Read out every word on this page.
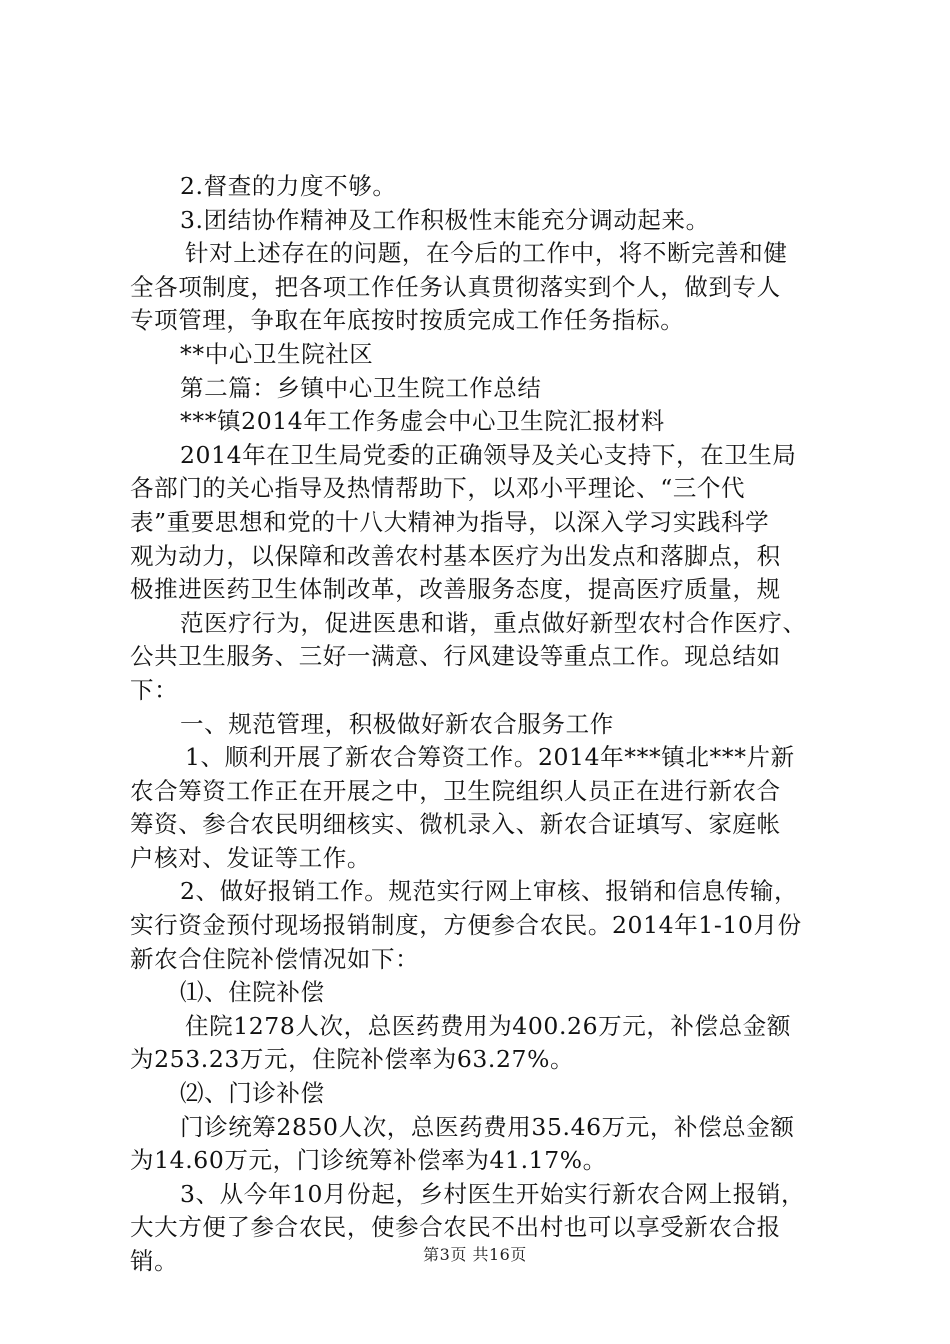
2.督查的力度不够。
3.团结协作精神及工作积极性末能充分调动起来。
针对上述存在的问题，在今后的工作中，将不断完善和健
全各项制度，把各项工作任务认真贯彻落实到个人，做到专人
专项管理，争取在年底按时按质完成工作任务指标。
**中心卫生院社区
第二篇：乡镇中心卫生院工作总结
***镇2014年工作务虚会中心卫生院汇报材料
2014年在卫生局党委的正确领导及关心支持下，在卫生局
各部门的关心指导及热情帮助下，以邓小平理论、“三个代
表”重要思想和党的十八大精神为指导，以深入学习实践科学
观为动力，以保障和改善农村基本医疗为出发点和落脚点，积
极推进医药卫生体制改革，改善服务态度，提高医疗质量，规
范医疗行为，促进医患和谐，重点做好新型农村合作医疗、
公共卫生服务、三好一满意、行风建设等重点工作。现总结如
下：
一、规范管理，积极做好新农合服务工作
1、顺利开展了新农合筹资工作。2014年***镇北***片新
农合筹资工作正在开展之中，卫生院组织人员正在进行新农合
筹资、参合农民明细核实、微机录入、新农合证填写、家庭帐
户核对、发证等工作。
2、做好报销工作。规范实行网上审核、报销和信息传输，
实行资金预付现场报销制度，方便参合农民。2014年1-10月份
新农合住院补偿情况如下：
⑴、住院补偿
住院1278人次，总医药费用为400.26万元，补偿总金额
为253.23万元，住院补偿率为63.27%。
⑵、门诊补偿
门诊统筹2850人次，总医药费用35.46万元，补偿总金额
为14.60万元，门诊统筹补偿率为41.17%。
3、从今年10月份起，乡村医生开始实行新农合网上报销，
大大方便了参合农民，使参合农民不出村也可以享受新农合报
销。	第3页 共16页
